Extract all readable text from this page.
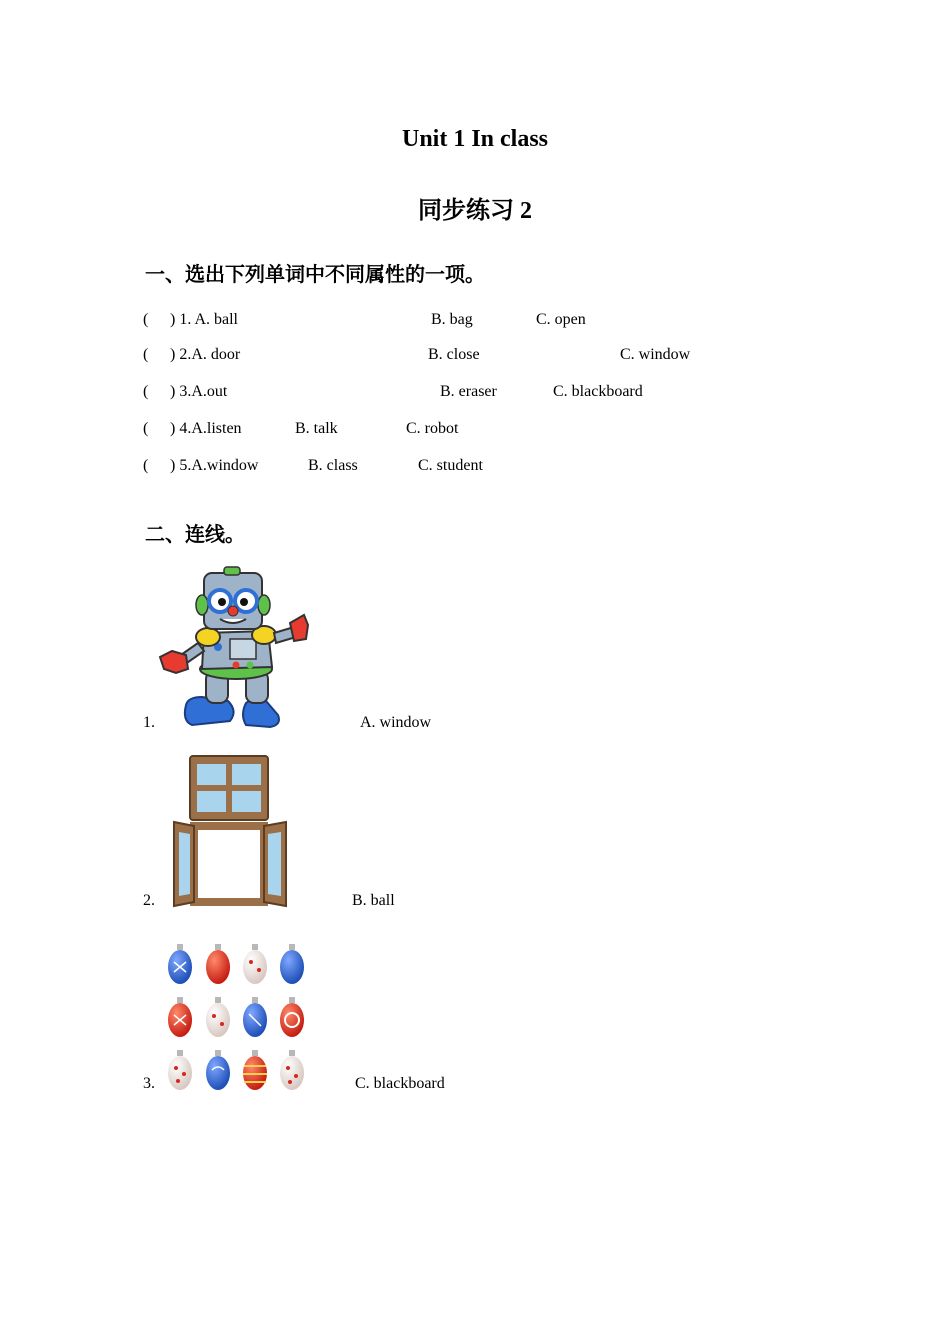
Unit 1 In class
同步练习 2
一、选出下列单词中不同属性的一项。
( ) 1. A. ball	B. bag	C. open
( ) 2.A. door	B. close	C. window
( ) 3.A.out	B. eraser	C. blackboard
( ) 4.A.listen	B. talk	C. robot
( ) 5.A.window	B. class	C. student
二、连线。
1.	A. window
2.	B. ball
3.	C. blackboard
